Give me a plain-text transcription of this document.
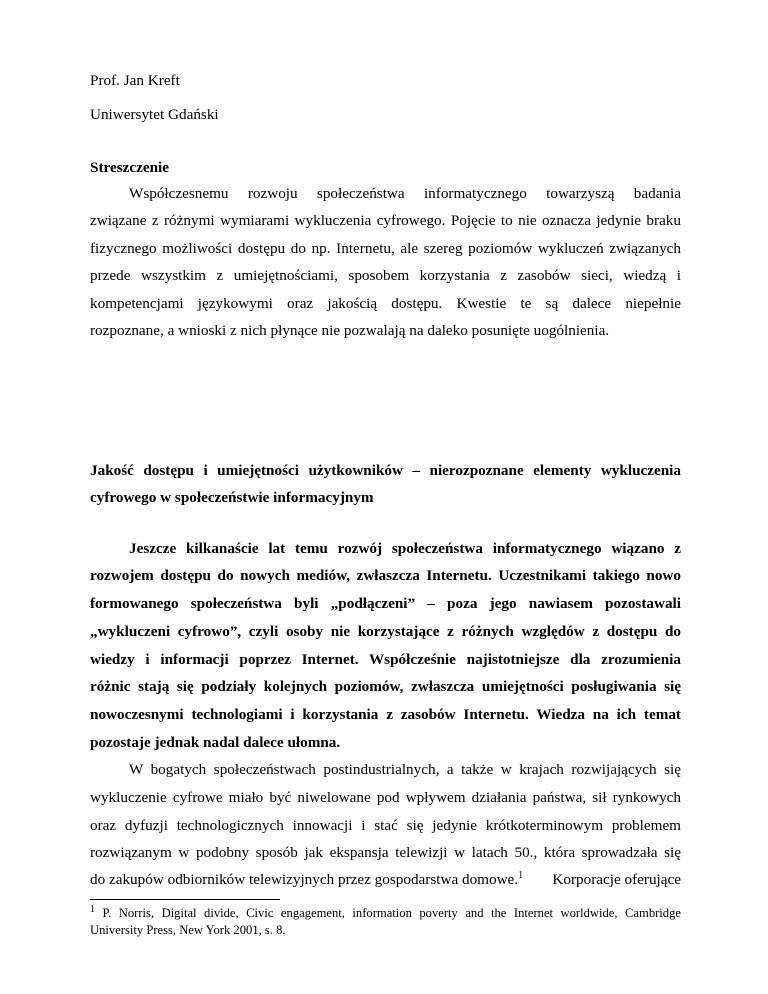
Prof. Jan Kreft
Uniwersytet Gdański
Streszczenie
Współczesnemu rozwoju społeczeństwa informatycznego towarzyszą badania
związane z różnymi wymiarami wykluczenia cyfrowego. Pojęcie to nie oznacza jedynie braku
fizycznego możliwości dostępu do np. Internetu, ale szereg poziomów wykluczeń związanych
przede wszystkim z umiejętnościami, sposobem korzystania z zasobów sieci, wiedzą i
kompetencjami językowymi oraz jakością dostępu. Kwestie te są dalece niepełnie
rozpoznane, a wnioski z nich płynące nie pozwalają na daleko posunięte uogólnienia.
Jakość dostępu i umiejętności użytkowników – nierozpoznane elementy wykluczenia
cyfrowego w społeczeństwie informacyjnym
Jeszcze kilkanaście lat temu rozwój społeczeństwa informatycznego wiązano z
rozwojem dostępu do nowych mediów, zwłaszcza Internetu. Uczestnikami takiego nowo
formowanego społeczeństwa byli „podłączeni” – poza jego nawiasem pozostawali
„wykluczeni cyfrowo”, czyli osoby nie korzystające z różnych względów z dostępu do
wiedzy i informacji poprzez Internet. Współcześnie najistotniejsze dla zrozumienia
różnic stają się podziały kolejnych poziomów, zwłaszcza umiejętności posługiwania się
nowoczesnymi technologiami i korzystania z zasobów Internetu. Wiedza na ich temat
pozostaje jednak nadal dalece ułomna.
W bogatych społeczeństwach postindustrialnych, a także w krajach rozwijających się
wykluczenie cyfrowe miało być niwelowane pod wpływem działania państwa, sił rynkowych
oraz dyfuzji technologicznych innowacji i stać się jedynie krótkoterminowym problemem
rozwiązanym w podobny sposób jak ekspansja telewizji w latach 50., która sprowadzała się
do zakupów odbiorników telewizyjnych przez gospodarstwa domowe.$^1$ Korporacje oferujące
$^1$ P. Norris, Digital divide, Civic engagement, information poverty and the Internet worldwide, Cambridge
University Press, New York 2001, s. 8.
